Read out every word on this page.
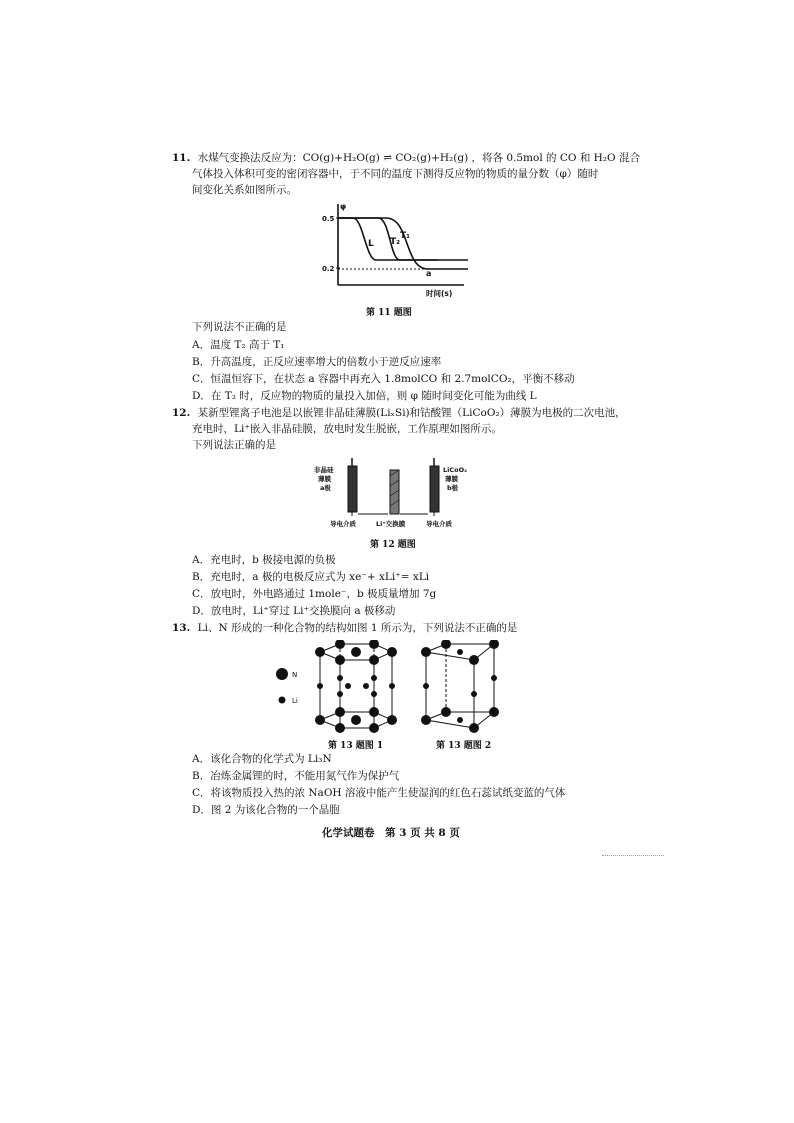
11. 水煤气变换法反应为：CO(g)+H₂O(g) ⇌ CO₂(g)+H₂(g) ，将各 0.5mol 的 CO 和 H₂O 混合
气体投入体积可变的密闭容器中，于不同的温度下测得反应物的物质的量分数（φ）随时
间变化关系如图所示。
φ
0.5
0.2
L T₂
T₁
a
时间(s)
第 11 题图
下列说法不正确的是
A．温度 T₂ 高于 T₁
B．升高温度，正反应速率增大的倍数小于逆反应速率
C．恒温恒容下，在状态 a 容器中再充入 1.8molCO 和 2.7molCO₂，平衡不移动
D．在 T₂ 时，反应物的物质的量投入加倍，则 φ 随时间变化可能为曲线 L
12. 某新型锂离子电池是以嵌锂非晶硅薄膜(LiₓSi)和钴酸锂（LiCoO₂）薄膜为电极的二次电池，
充电时，Li⁺嵌入非晶硅膜，放电时发生脱嵌，工作原理如图所示。
下列说法正确的是
非晶硅
薄膜
a极
LiCoO₂
薄膜
b极
导电介质	Li⁺交换膜	导电介质
第 12 题图
A．充电时，b 极接电源的负极
B．充电时，a 极的电极反应式为 xe⁻+ xLi⁺= xLi
C．放电时，外电路通过 1mole⁻，b 极质量增加 7g
D．放电时，Li⁺穿过 Li⁺交换膜向 a 极移动
13. Li、N 形成的一种化合物的结构如图 1 所示为，下列说法不正确的是
N
Li
第 13 题图 1	第 13 题图 2
A．该化合物的化学式为 Li₃N
B．冶炼金属锂的时，不能用氮气作为保护气
C．将该物质投入热的浓 NaOH 溶液中能产生使湿润的红色石蕊试纸变蓝的气体
D．图 2 为该化合物的一个晶胞
化学试题卷　第 3 页 共 8 页
